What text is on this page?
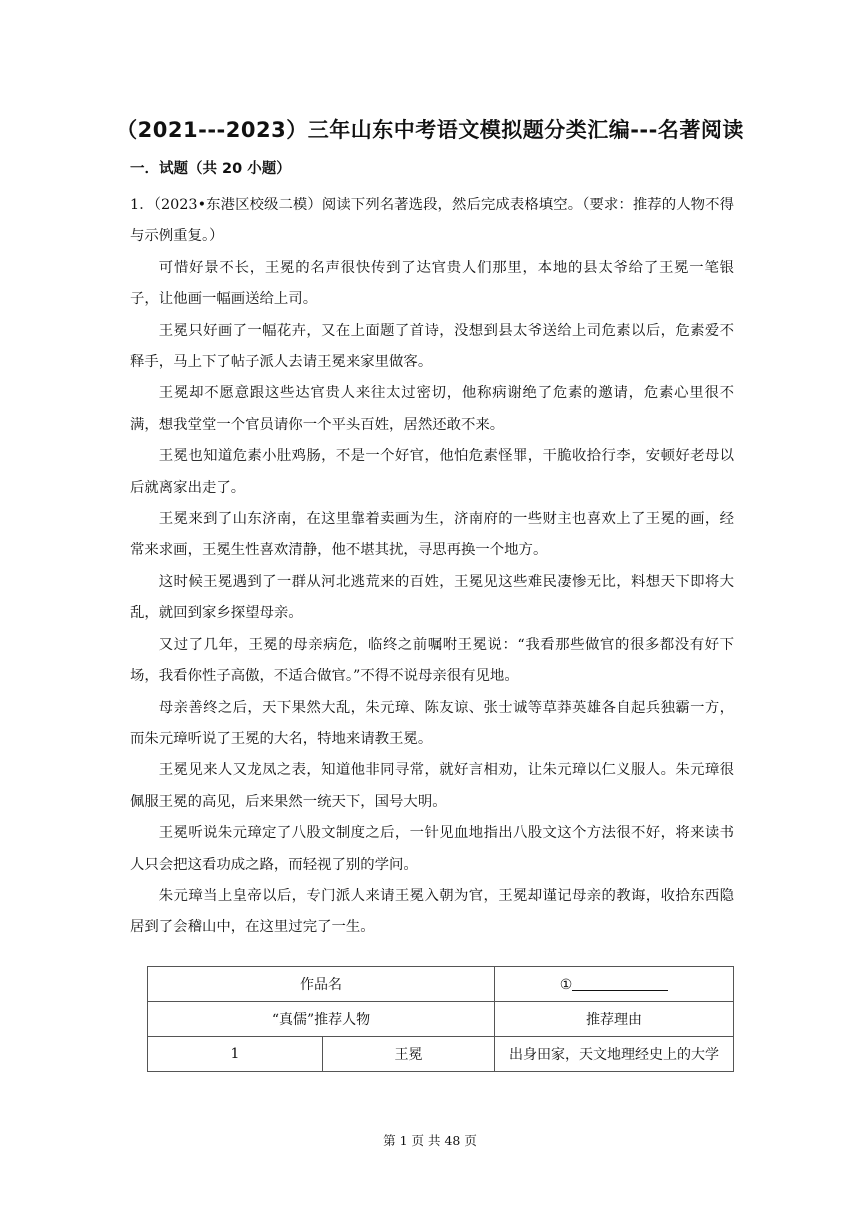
（2021---2023）三年山东中考语文模拟题分类汇编---名著阅读
一．试题（共 20 小题）

1．（2023•东港区校级二模）阅读下列名著选段，然后完成表格填空。（要求：推荐的人物不得与示例重复。）

可惜好景不长，王冕的名声很快传到了达官贵人们那里，本地的县太爷给了王冕一笔银子，让他画一幅画送给上司。

王冕只好画了一幅花卉，又在上面题了首诗，没想到县太爷送给上司危素以后，危素爱不释手，马上下了帖子派人去请王冕来家里做客。

王冕却不愿意跟这些达官贵人来往太过密切，他称病谢绝了危素的邀请，危素心里很不满，想我堂堂一个官员请你一个平头百姓，居然还敢不来。

王冕也知道危素小肚鸡肠，不是一个好官，他怕危素怪罪，干脆收拾行李，安顿好老母以后就离家出走了。

王冕来到了山东济南，在这里靠着卖画为生，济南府的一些财主也喜欢上了王冕的画，经常来求画，王冕生性喜欢清静，他不堪其扰，寻思再换一个地方。

这时候王冕遇到了一群从河北逃荒来的百姓，王冕见这些难民凄惨无比，料想天下即将大乱，就回到家乡探望母亲。

又过了几年，王冕的母亲病危，临终之前嘱咐王冕说：“我看那些做官的很多都没有好下场，我看你性子高傲，不适合做官。”不得不说母亲很有见地。

母亲善终之后，天下果然大乱，朱元璋、陈友谅、张士诚等草莽英雄各自起兵独霸一方，而朱元璋听说了王冕的大名，特地来请教王冕。

王冕见来人又龙凤之表，知道他非同寻常，就好言相劝，让朱元璋以仁义服人。朱元璋很佩服王冕的高见，后来果然一统天下，国号大明。

王冕听说朱元璋定了八股文制度之后，一针见血地指出八股文这个方法很不好，将来读书人只会把这看功成之路，而轻视了别的学问。

朱元璋当上皇帝以后，专门派人来请王冕入朝为官，王冕却谨记母亲的教诲，收拾东西隐居到了会稽山中，在这里过完了一生。

作品名		①
“真儒”推荐人物		推荐理由
1	王冕	出身田家，天文地理经史上的大学
第 1 页 共 48 页
